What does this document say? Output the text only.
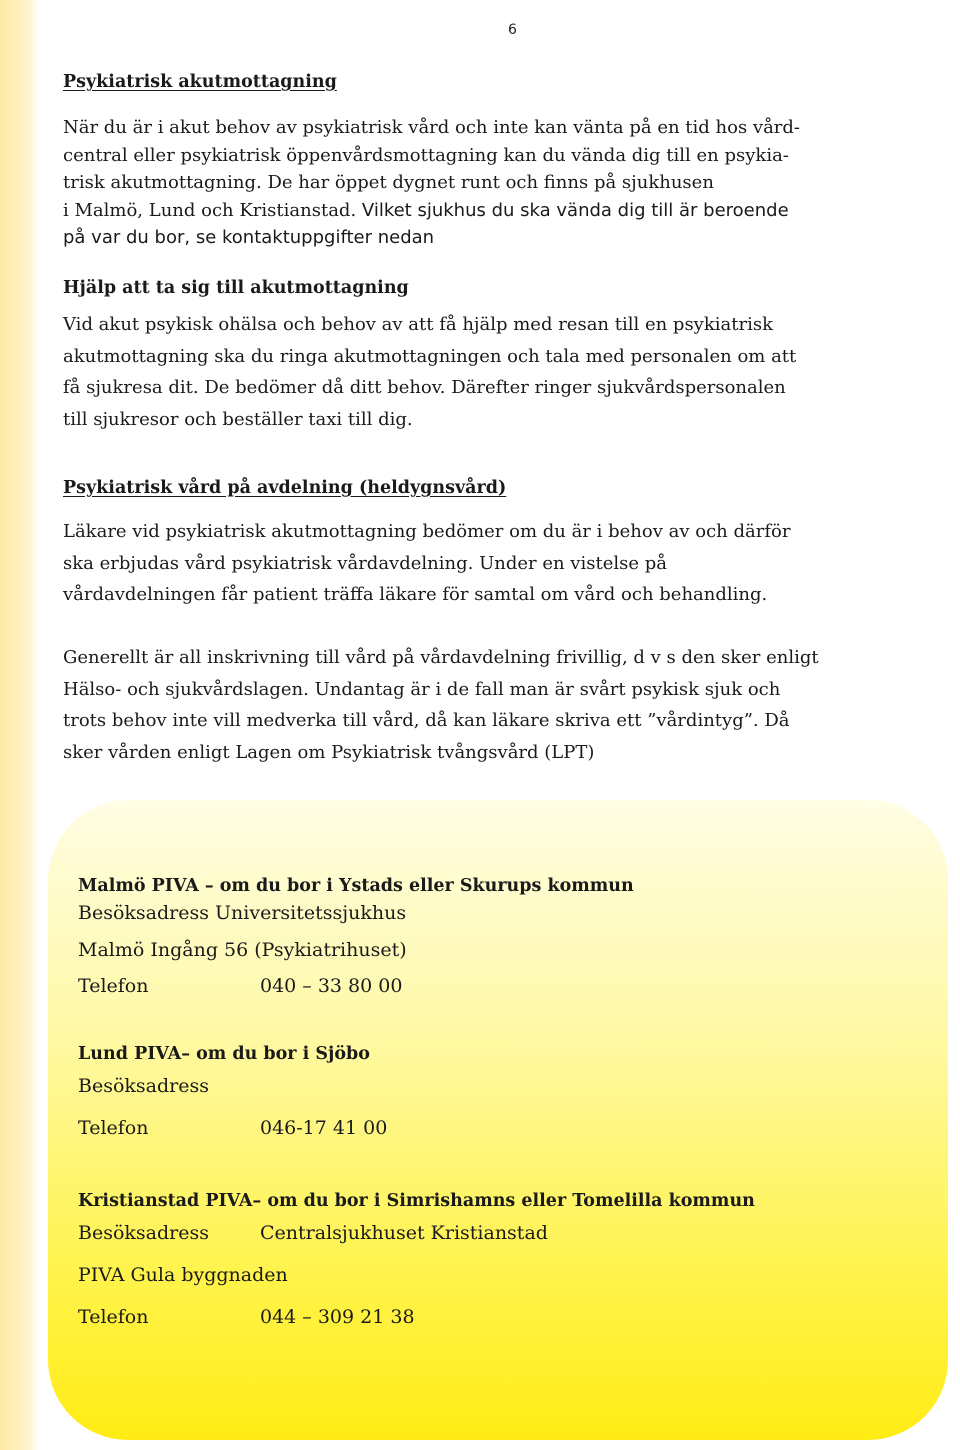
6
Psykiatrisk akutmottagning
När du är i akut behov av psykiatrisk vård och inte kan vänta på en tid hos vård-
central eller psykiatrisk öppenvårdsmottagning kan du vända dig till en psykia-
trisk akutmottagning. De har öppet dygnet runt och finns på sjukhusen
i Malmö, Lund och Kristianstad. Vilket sjukhus du ska vända dig till är beroende
på var du bor, se kontaktuppgifter nedan
Hjälp att ta sig till akutmottagning
Vid akut psykisk ohälsa och behov av att få hjälp med resan till en psykiatrisk
akutmottagning ska du ringa akutmottagningen och tala med personalen om att
få sjukresa dit. De bedömer då ditt behov. Därefter ringer sjukvårdspersonalen
till sjukresor och beställer taxi till dig.
Psykiatrisk vård på avdelning (heldygnsvård)
Läkare vid psykiatrisk akutmottagning bedömer om du är i behov av och därför
ska erbjudas vård psykiatrisk vårdavdelning. Under en vistelse på
vårdavdelningen får patient träffa läkare för samtal om vård och behandling.
Generellt är all inskrivning till vård på vårdavdelning frivillig, d v s den sker enligt
Hälso- och sjukvårdslagen. Undantag är i de fall man är svårt psykisk sjuk och
trots behov inte vill medverka till vård, då kan läkare skriva ett ”vårdintyg”. Då
sker vården enligt Lagen om Psykiatrisk tvångsvård (LPT)
Malmö PIVA – om du bor i Ystads eller Skurups kommun
Besöksadress Universitetssjukhus
Malmö Ingång 56 (Psykiatrihuset)
Telefon	040 – 33 80 00
Lund PIVA– om du bor i Sjöbo
Besöksadress
Telefon	046-17 41 00
Kristianstad PIVA– om du bor i Simrishamns eller Tomelilla kommun
Besöksadress	Centralsjukhuset Kristianstad
PIVA Gula byggnaden
Telefon	044 – 309 21 38
